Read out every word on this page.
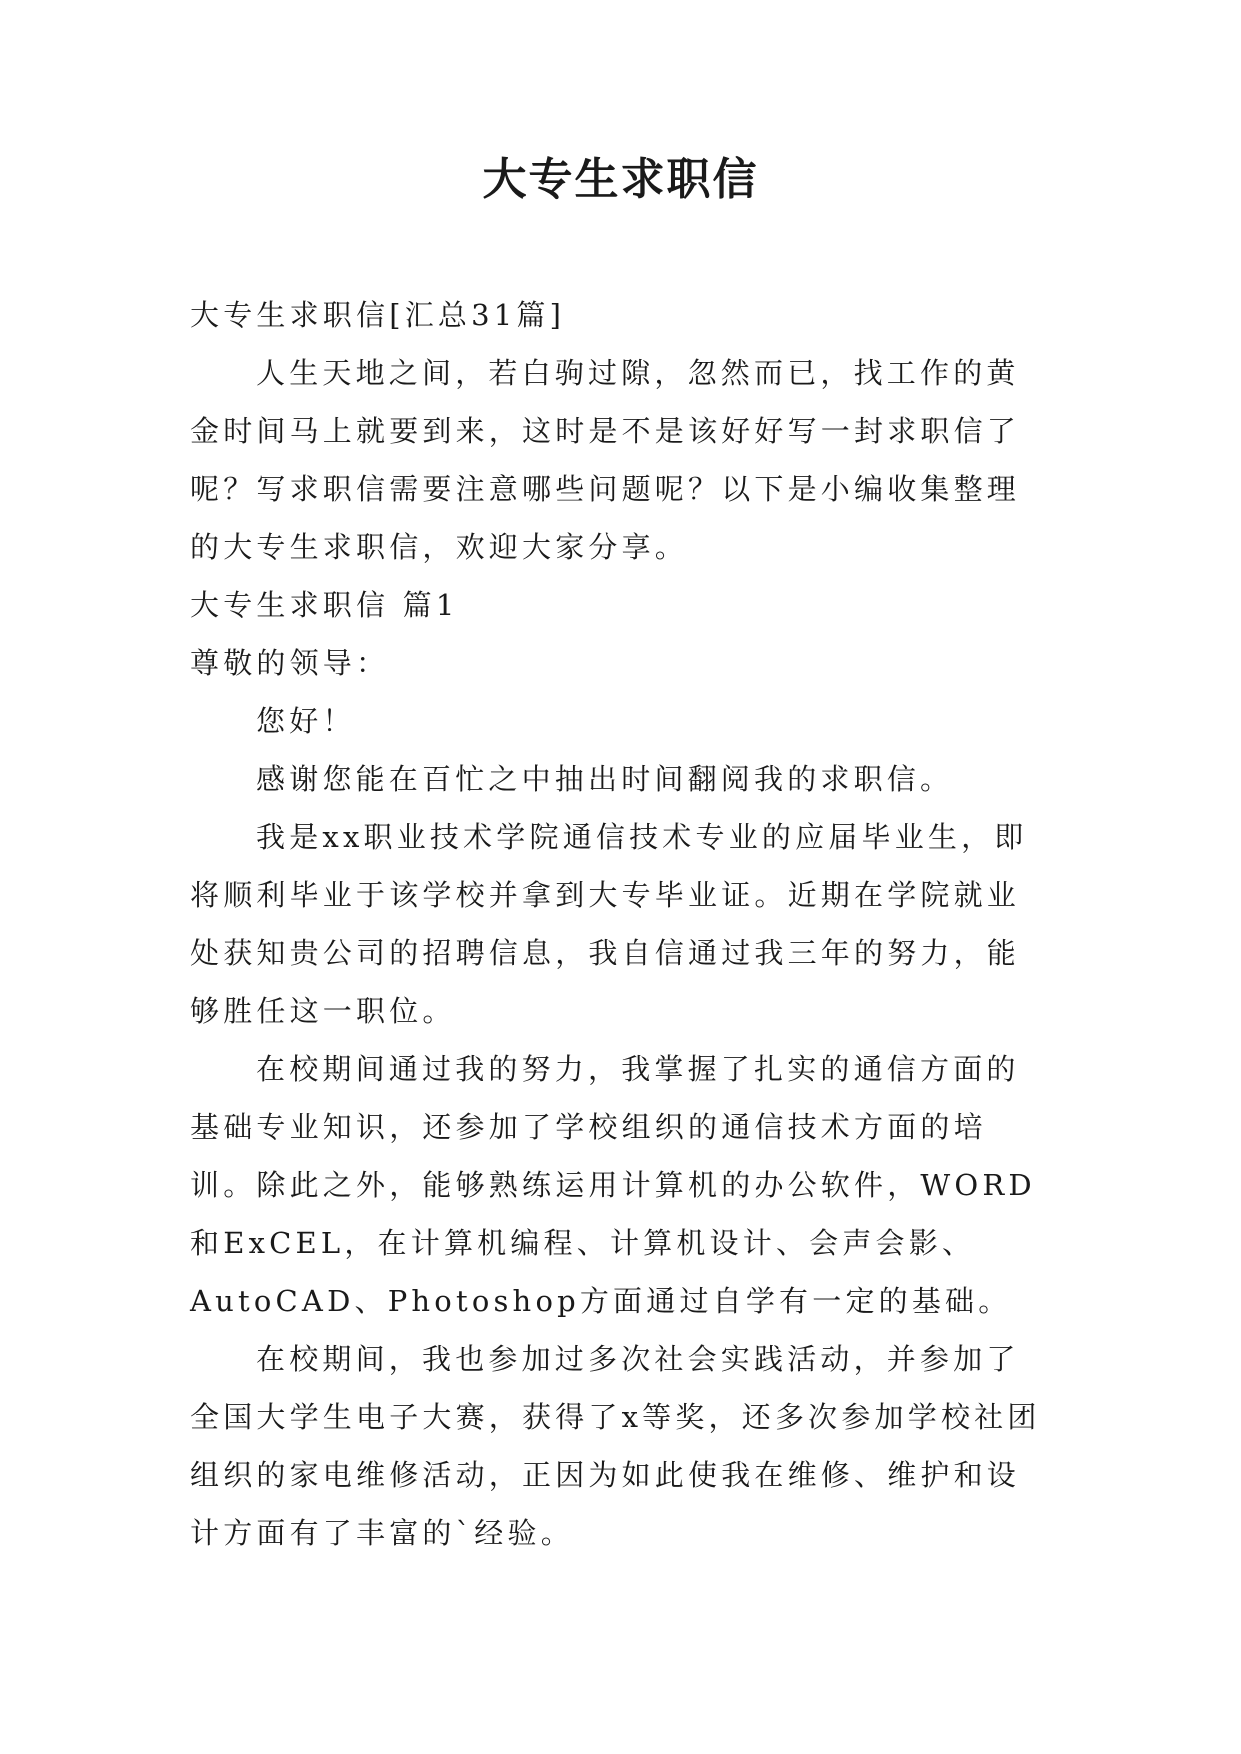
大专生求职信

大专生求职信[汇总31篇]

人生天地之间，若白驹过隙，忽然而已，找工作的黄金时间马上就要到来，这时是不是该好好写一封求职信了呢？写求职信需要注意哪些问题呢？以下是小编收集整理的大专生求职信，欢迎大家分享。

大专生求职信 篇1

尊敬的领导：

您好！

感谢您能在百忙之中抽出时间翻阅我的求职信。

我是xx职业技术学院通信技术专业的应届毕业生，即将顺利毕业于该学校并拿到大专毕业证。近期在学院就业处获知贵公司的招聘信息，我自信通过我三年的努力，能够胜任这一职位。

在校期间通过我的努力，我掌握了扎实的通信方面的基础专业知识，还参加了学校组织的通信技术方面的培训。除此之外，能够熟练运用计算机的办公软件，WORD和ExCEL，在计算机编程、计算机设计、会声会影、AutoCAD、Photoshop方面通过自学有一定的基础。

在校期间，我也参加过多次社会实践活动，并参加了全国大学生电子大赛，获得了x等奖，还多次参加学校社团组织的家电维修活动，正因为如此使我在维修、维护和设计方面有了丰富的`经验。
